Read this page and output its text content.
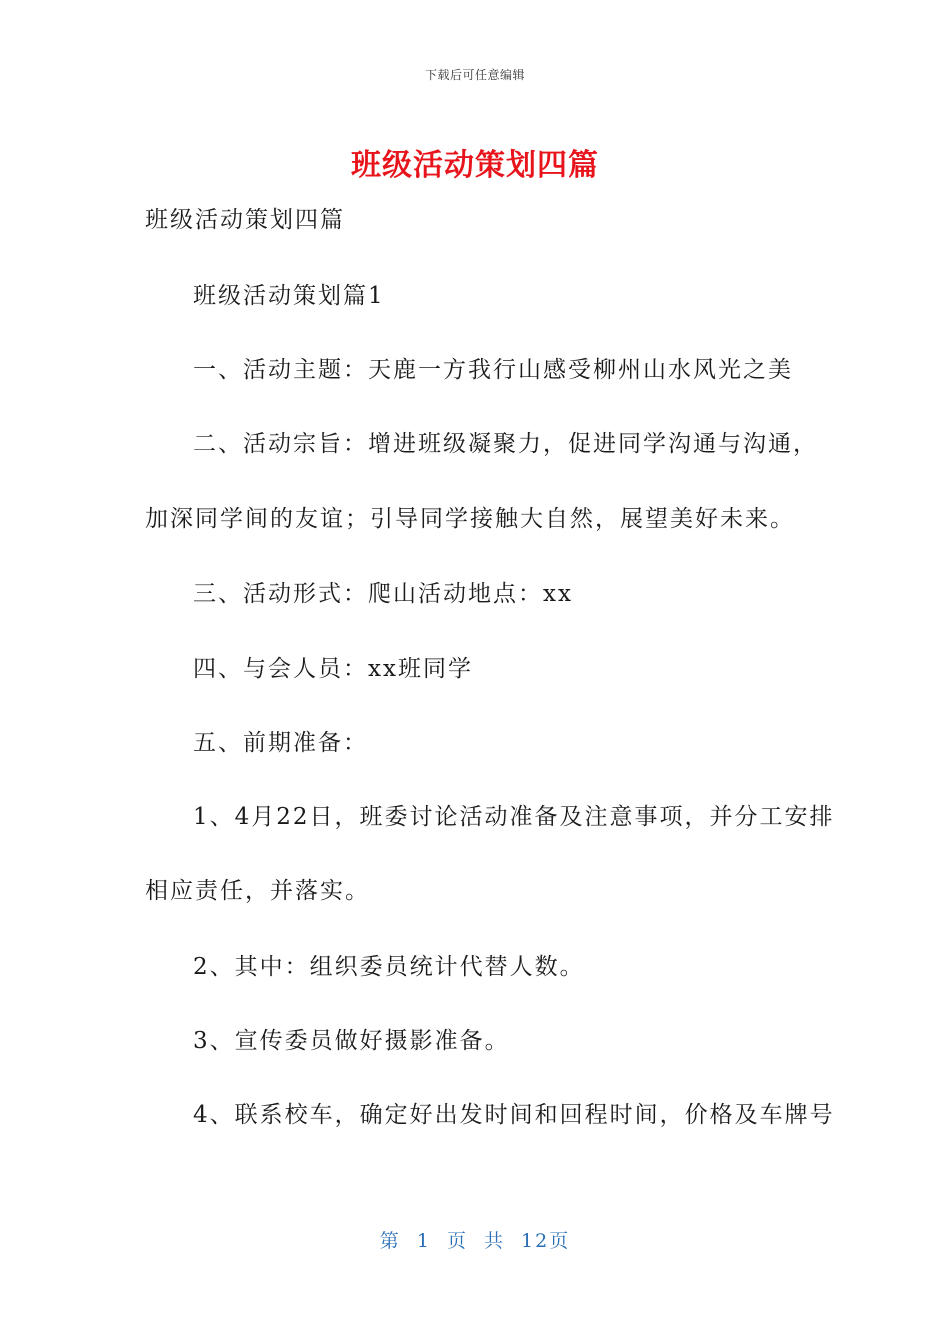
下载后可任意编辑
班级活动策划四篇

班级活动策划四篇

班级活动策划篇1

一、活动主题：天鹿一方我行山感受柳州山水风光之美

二、活动宗旨：增进班级凝聚力，促进同学沟通与沟通，

加深同学间的友谊；引导同学接触大自然，展望美好未来。

三、活动形式：爬山活动地点：xx

四、与会人员：xx班同学

五、前期准备：

1、4月22日，班委讨论活动准备及注意事项，并分工安排

相应责任，并落实。

2、其中：组织委员统计代替人数。

3、宣传委员做好摄影准备。

4、联系校车，确定好出发时间和回程时间，价格及车牌号

第 1 页 共 12页
